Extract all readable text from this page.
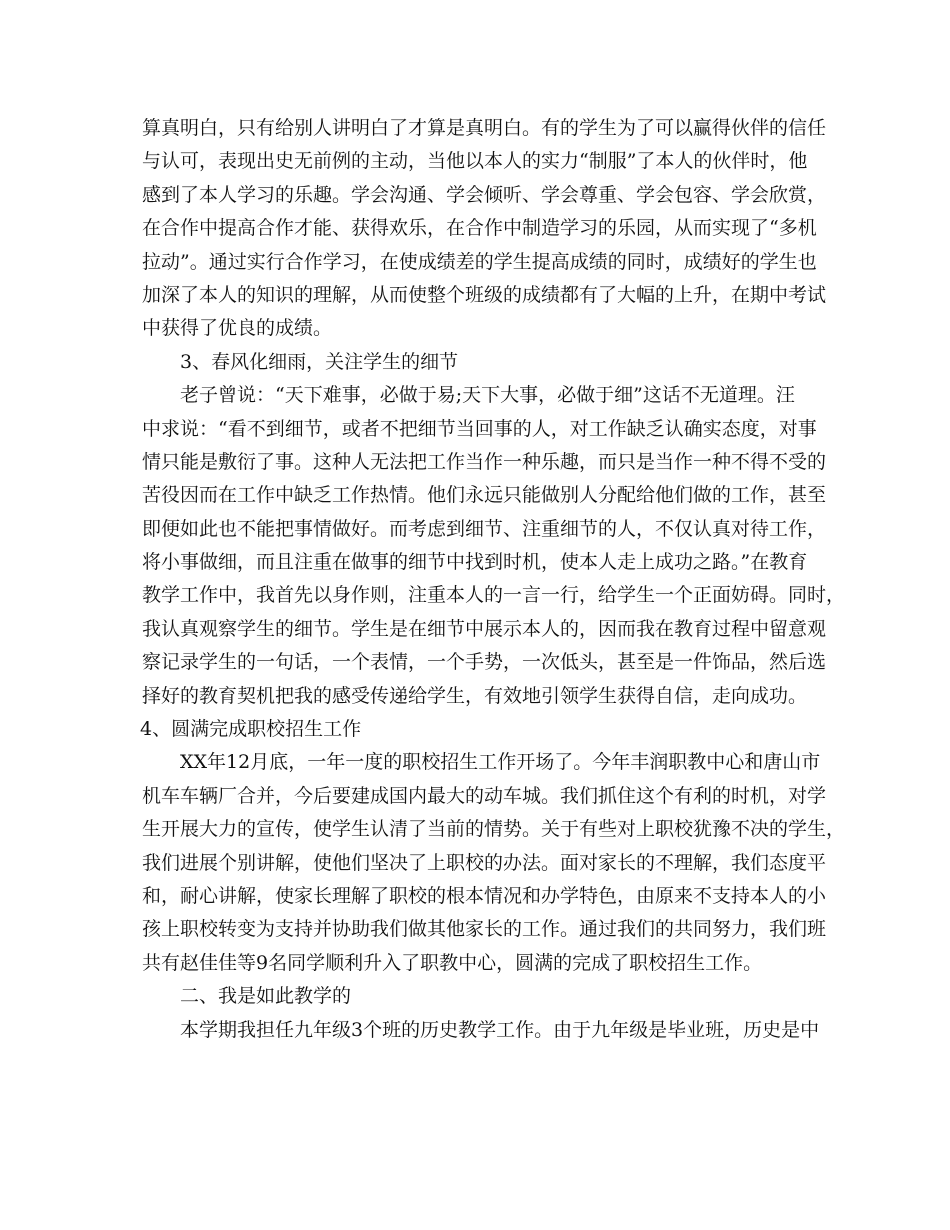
算真明白，只有给别人讲明白了才算是真明白。有的学生为了可以赢得伙伴的信任
与认可，表现出史无前例的主动，当他以本人的实力“制服”了本人的伙伴时，他
感到了本人学习的乐趣。学会沟通、学会倾听、学会尊重、学会包容、学会欣赏，
在合作中提高合作才能、获得欢乐，在合作中制造学习的乐园，从而实现了“多机
拉动”。通过实行合作学习，在使成绩差的学生提高成绩的同时，成绩好的学生也
加深了本人的知识的理解，从而使整个班级的成绩都有了大幅的上升，在期中考试
中获得了优良的成绩。
3、春风化细雨，关注学生的细节
老子曾说：“天下难事，必做于易;天下大事，必做于细”这话不无道理。汪
中求说：“看不到细节，或者不把细节当回事的人，对工作缺乏认确实态度，对事
情只能是敷衍了事。这种人无法把工作当作一种乐趣，而只是当作一种不得不受的
苦役因而在工作中缺乏工作热情。他们永远只能做别人分配给他们做的工作，甚至
即便如此也不能把事情做好。而考虑到细节、注重细节的人，不仅认真对待工作，
将小事做细，而且注重在做事的细节中找到时机，使本人走上成功之路。”在教育
教学工作中，我首先以身作则，注重本人的一言一行，给学生一个正面妨碍。同时，
我认真观察学生的细节。学生是在细节中展示本人的，因而我在教育过程中留意观
察记录学生的一句话，一个表情，一个手势，一次低头，甚至是一件饰品，然后选
择好的教育契机把我的感受传递给学生，有效地引领学生获得自信，走向成功。
4、圆满完成职校招生工作
XX年12月底，一年一度的职校招生工作开场了。今年丰润职教中心和唐山市
机车车辆厂合并，今后要建成国内最大的动车城。我们抓住这个有利的时机，对学
生开展大力的宣传，使学生认清了当前的情势。关于有些对上职校犹豫不决的学生，
我们进展个别讲解，使他们坚决了上职校的办法。面对家长的不理解，我们态度平
和，耐心讲解，使家长理解了职校的根本情况和办学特色，由原来不支持本人的小
孩上职校转变为支持并协助我们做其他家长的工作。通过我们的共同努力，我们班
共有赵佳佳等9名同学顺利升入了职教中心，圆满的完成了职校招生工作。
二、我是如此教学的
本学期我担任九年级3个班的历史教学工作。由于九年级是毕业班，历史是中
